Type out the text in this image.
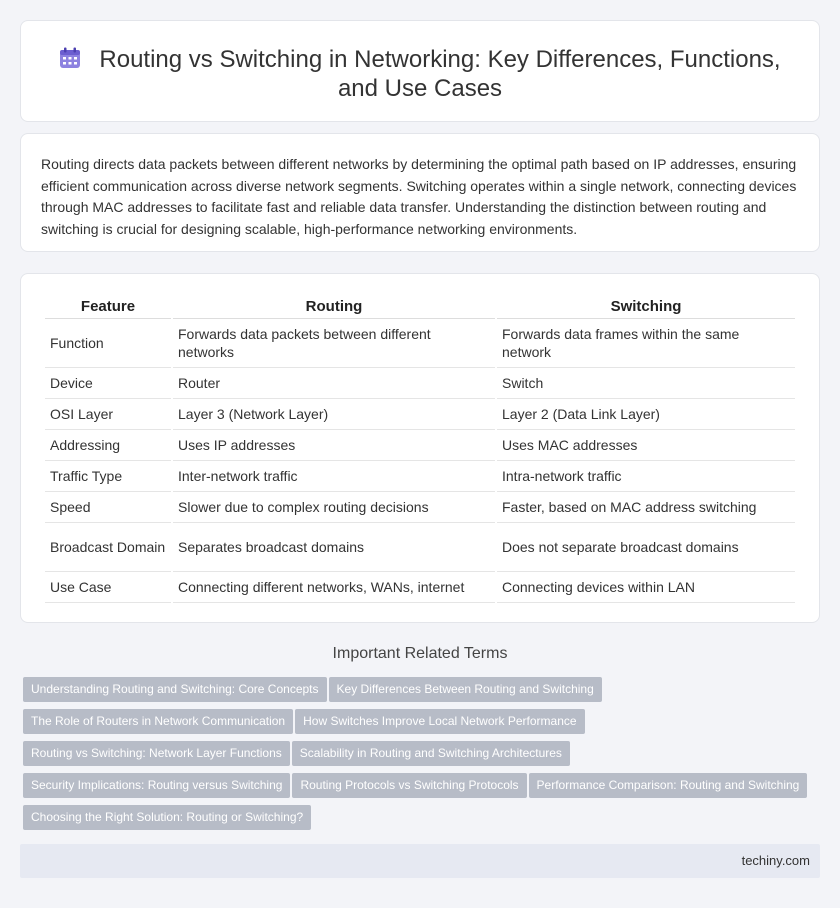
Routing vs Switching in Networking: Key Differences, Functions, and Use Cases

Routing directs data packets between different networks by determining the optimal path based on IP addresses, ensuring efficient communication across diverse network segments. Switching operates within a single network, connecting devices through MAC addresses to facilitate fast and reliable data transfer. Understanding the distinction between routing and switching is crucial for designing scalable, high-performance networking environments.

Feature	Routing	Switching
Function	Forwards data packets between different networks	Forwards data frames within the same network
Device	Router	Switch
OSI Layer	Layer 3 (Network Layer)	Layer 2 (Data Link Layer)
Addressing	Uses IP addresses	Uses MAC addresses
Traffic Type	Inter-network traffic	Intra-network traffic
Speed	Slower due to complex routing decisions	Faster, based on MAC address switching
Broadcast Domain	Separates broadcast domains	Does not separate broadcast domains
Use Case	Connecting different networks, WANs, internet	Connecting devices within LAN
Important Related Terms
Understanding Routing and Switching: Core Concepts Key Differences Between Routing and Switching
The Role of Routers in Network Communication How Switches Improve Local Network Performance
Routing vs Switching: Network Layer Functions Scalability in Routing and Switching Architectures
Security Implications: Routing versus Switching Routing Protocols vs Switching Protocols Performance Comparison: Routing and Switching
Choosing the Right Solution: Routing or Switching?
techiny.com
